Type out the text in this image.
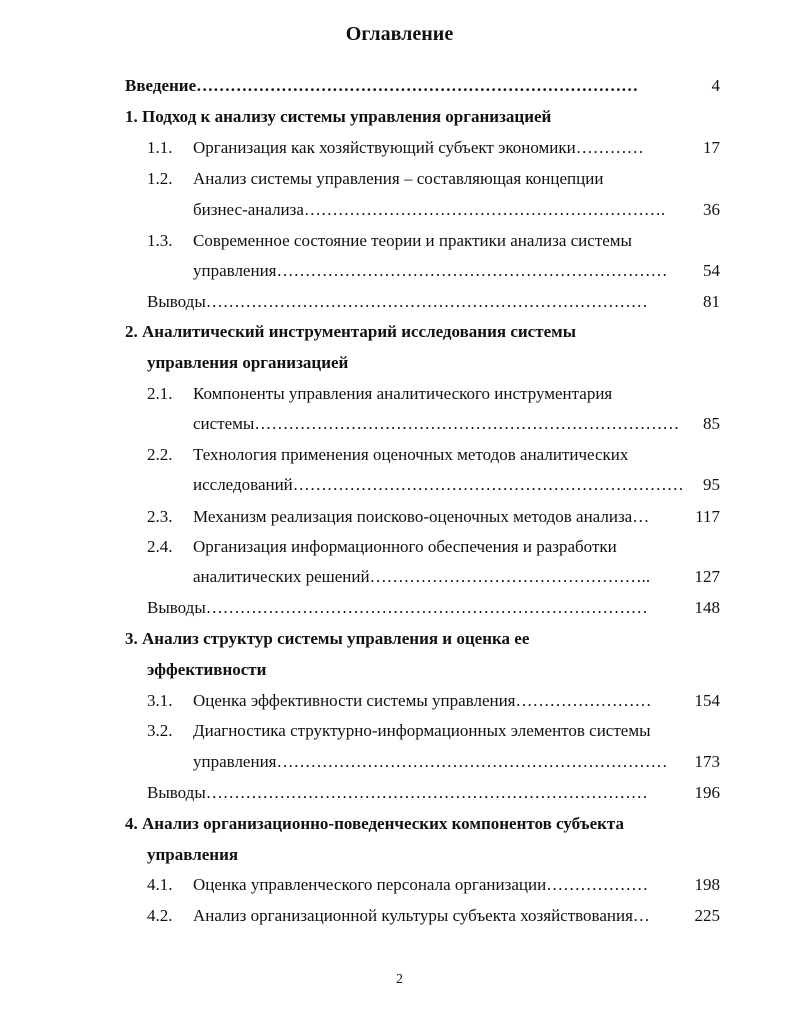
Оглавление
Введение……………………………………………………………………	4
1. Подход к анализу системы управления организацией
1.1. Организация как хозяйствующий субъект экономики…………	17
1.2. Анализ системы управления – составляющая концепции
бизнес-анализа………………………………………………………. 36
1.3. Современное состояние теории и практики анализа системы
управления…………………………………………………………… 54
Выводы……………………………………………………………………	81
2. Аналитический инструментарий исследования системы
управления организацией
2.1. Компоненты управления аналитического инструментария
системы………………………………………………………………… 85
2.2. Технология применения оценочных методов аналитических
исследований…………………………………………………………… 95
2.3. Механизм реализация поисково-оценочных методов анализа…	117
2.4. Организация информационного обеспечения и разработки
аналитических решений…………………………………………..	127
Выводы……………………………………………………………………	148
3. Анализ структур системы управления и оценка ее
эффективности
3.1. Оценка эффективности системы управления……………………	154
3.2. Диагностика структурно-информационных элементов системы
управления…………………………………………………………… 173
Выводы……………………………………………………………………	196
4. Анализ организационно-поведенческих компонентов субъекта
управления
4.1. Оценка управленческого персонала организации………………	198
4.2. Анализ организационной культуры субъекта хозяйствования…	225
2
